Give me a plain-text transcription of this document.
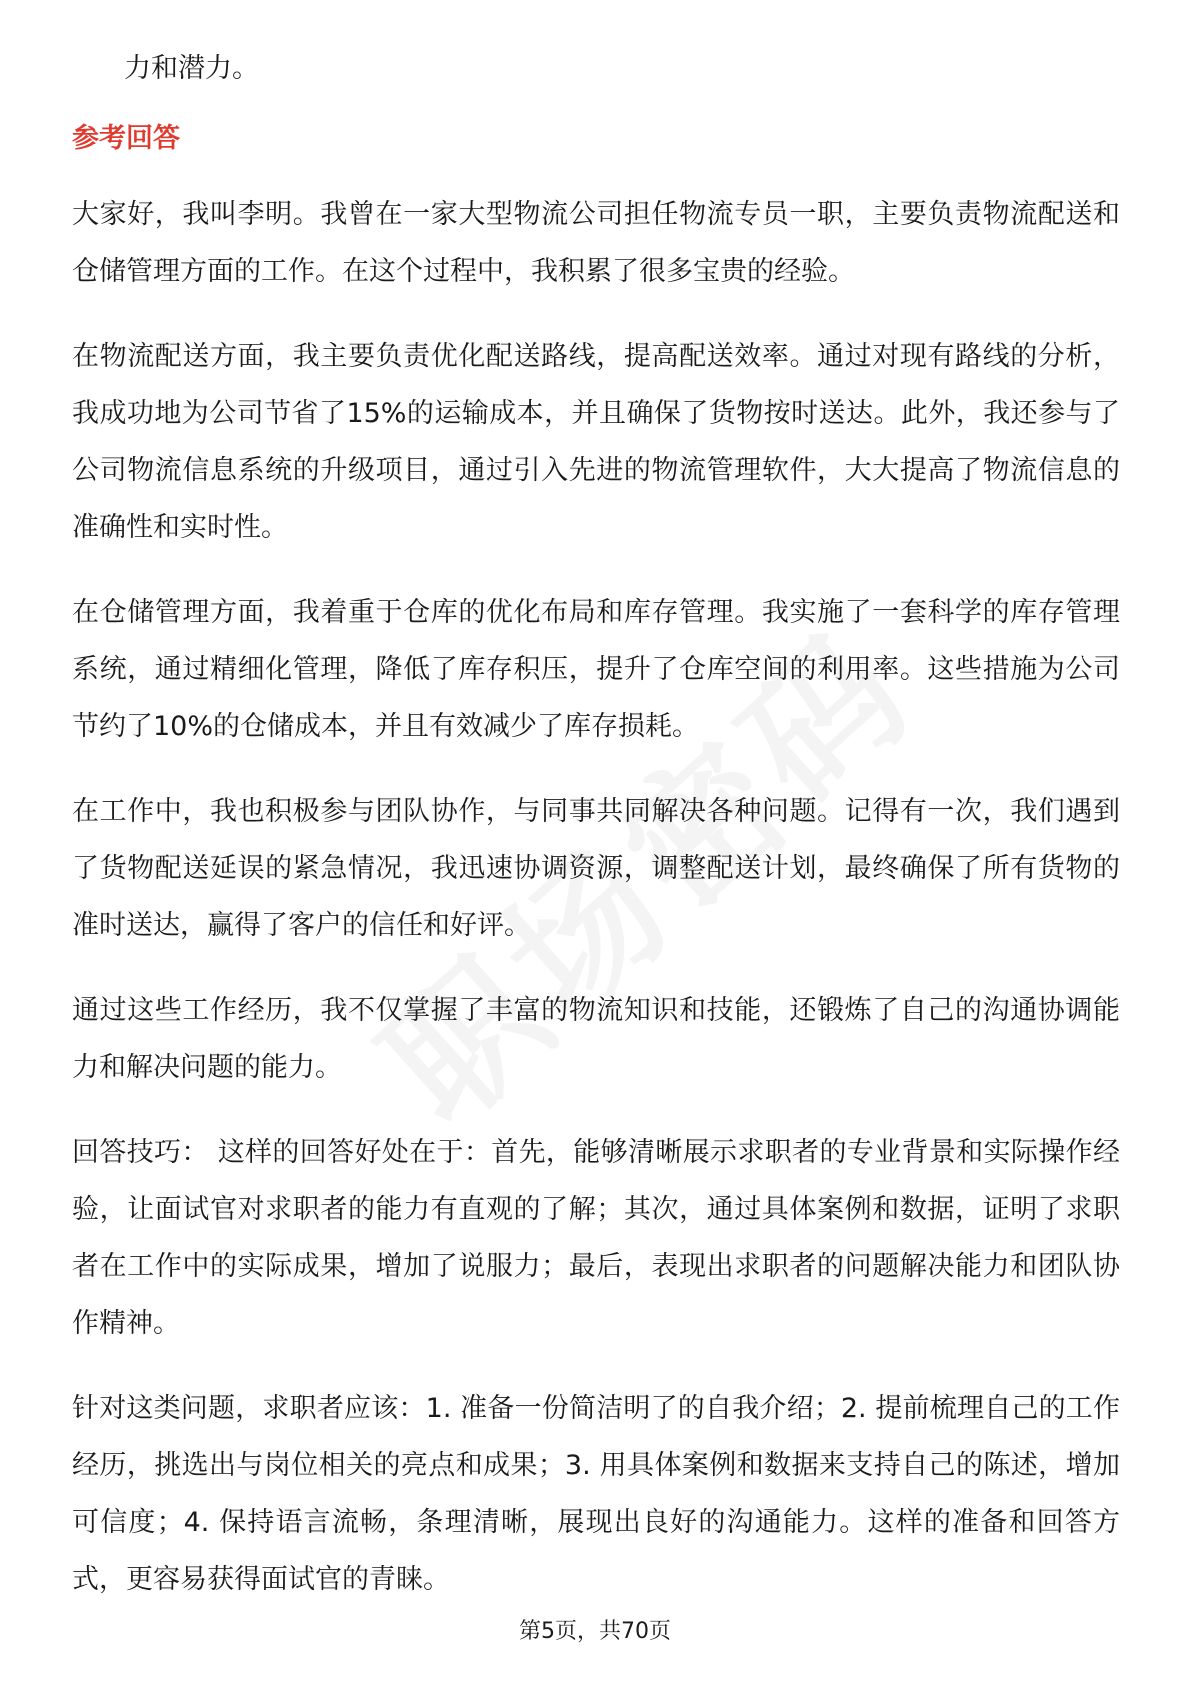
力和潜力。

参考回答

大家好，我叫李明。我曾在一家大型物流公司担任物流专员一职，主要负责物流配送和仓储管理方面的工作。在这个过程中，我积累了很多宝贵的经验。

在物流配送方面，我主要负责优化配送路线，提高配送效率。通过对现有路线的分析，我成功地为公司节省了15%的运输成本，并且确保了货物按时送达。此外，我还参与了公司物流信息系统的升级项目，通过引入先进的物流管理软件，大大提高了物流信息的准确性和实时性。

在仓储管理方面，我着重于仓库的优化布局和库存管理。我实施了一套科学的库存管理系统，通过精细化管理，降低了库存积压，提升了仓库空间的利用率。这些措施为公司节约了10%的仓储成本，并且有效减少了库存损耗。

在工作中，我也积极参与团队协作，与同事共同解决各种问题。记得有一次，我们遇到了货物配送延误的紧急情况，我迅速协调资源，调整配送计划，最终确保了所有货物的准时送达，赢得了客户的信任和好评。

通过这些工作经历，我不仅掌握了丰富的物流知识和技能，还锻炼了自己的沟通协调能力和解决问题的能力。

回答技巧： 这样的回答好处在于：首先，能够清晰展示求职者的专业背景和实际操作经验，让面试官对求职者的能力有直观的了解；其次，通过具体案例和数据，证明了求职者在工作中的实际成果，增加了说服力；最后，表现出求职者的问题解决能力和团队协作精神。

针对这类问题，求职者应该：1. 准备一份简洁明了的自我介绍；2. 提前梳理自己的工作经历，挑选出与岗位相关的亮点和成果；3. 用具体案例和数据来支持自己的陈述，增加可信度；4. 保持语言流畅，条理清晰，展现出良好的沟通能力。这样的准备和回答方式，更容易获得面试官的青睐。

第5页，共70页
